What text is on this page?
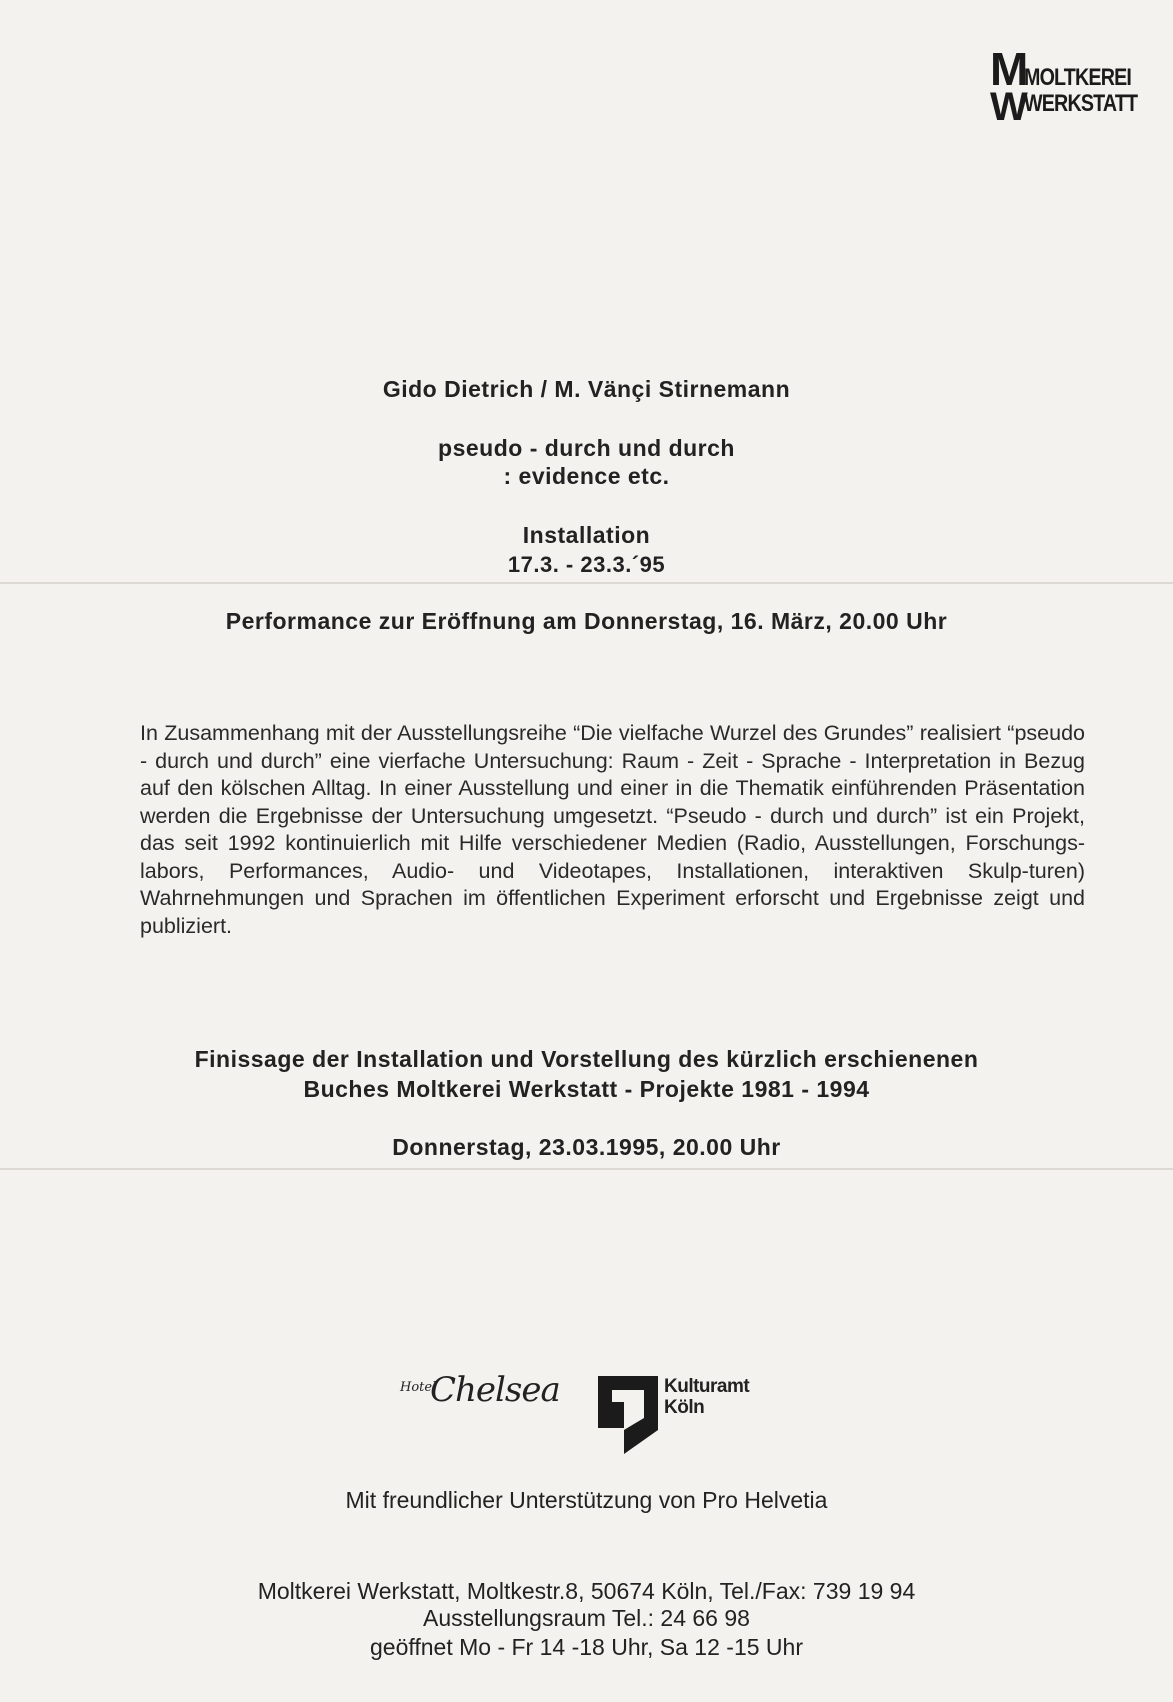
M
MOLTKEREI
W
WERKSTATT
Gido Dietrich / M. Vänçi Stirnemann
pseudo - durch und durch
: evidence etc.
Installation
17.3. - 23.3.´95
Performance zur Eröffnung am Donnerstag, 16. März, 20.00 Uhr
In Zusammenhang mit der Ausstellungsreihe “Die vielfache Wurzel des Grundes” realisiert “pseudo - durch und durch” eine vierfache Untersuchung: Raum - Zeit - Sprache - Interpretation in Bezug auf den kölschen Alltag. In einer Ausstellung und einer in die Thematik einführenden Präsentation werden die Ergebnisse der Untersuchung umgesetzt. “Pseudo - durch und durch” ist ein Projekt, das seit 1992 kontinuierlich mit Hilfe verschiedener Medien (Radio, Ausstellungen, Forschungs-labors, Performances, Audio- und Videotapes, Installationen, interaktiven Skulp-turen) Wahrnehmungen und Sprachen im öffentlichen Experiment erforscht und Ergebnisse zeigt und publiziert.
Finissage der Installation und Vorstellung des kürzlich erschienenen
Buches Moltkerei Werkstatt - Projekte 1981 - 1994
Donnerstag, 23.03.1995, 20.00 Uhr
Hotel
Chelsea	Kulturamt
Köln
Mit freundlicher Unterstützung von Pro Helvetia
Moltkerei Werkstatt, Moltkestr.8, 50674 Köln, Tel./Fax: 739 19 94
Ausstellungsraum Tel.: 24 66 98
geöffnet Mo - Fr 14 -18 Uhr, Sa 12 -15 Uhr
